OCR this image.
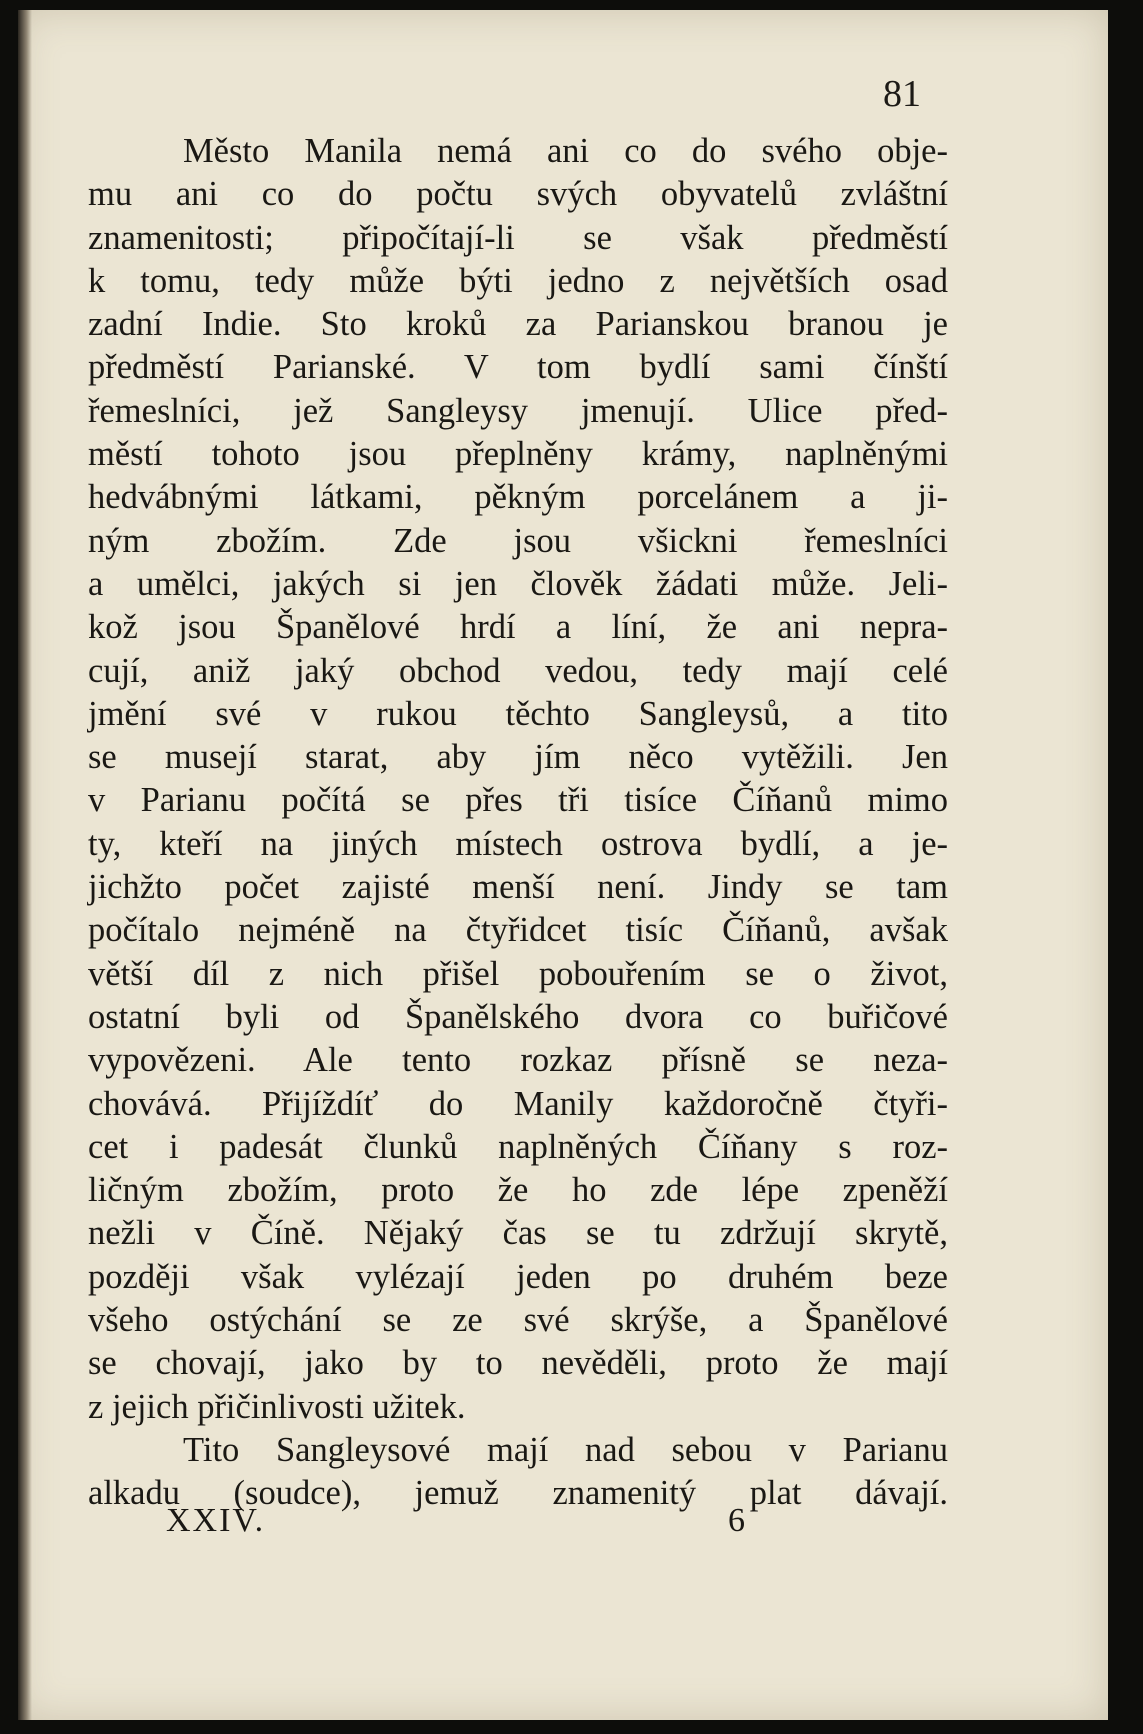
81
Město Manila nemá ani co do svého obje-
mu ani co do počtu svých obyvatelů zvláštní
znamenitosti; připočítají-li se však předměstí
k tomu, tedy může býti jedno z největších osad
zadní Indie. Sto kroků za Parianskou branou je
předměstí Parianské. V tom bydlí sami čínští
řemeslníci, jež Sangleysy jmenují. Ulice před-
městí tohoto jsou přeplněny krámy, naplněnými
hedvábnými látkami, pěkným porcelánem a ji-
ným zbožím. Zde jsou všickni řemeslníci
a umělci, jakých si jen člověk žádati může. Jeli-
kož jsou Španělové hrdí a líní, že ani nepra-
cují, aniž jaký obchod vedou, tedy mají celé
jmění své v rukou těchto Sangleysů, a tito
se musejí starat, aby jím něco vytěžili. Jen
v Parianu počítá se přes tři tisíce Číňanů mimo
ty, kteří na jiných místech ostrova bydlí, a je-
jichžto počet zajisté menší není. Jindy se tam
počítalo nejméně na čtyřidcet tisíc Číňanů, avšak
větší díl z nich přišel pobouřením se o život,
ostatní byli od Španělského dvora co buřičové
vypovězeni. Ale tento rozkaz přísně se neza-
chovává. Přijíždíť do Manily každoročně čtyři-
cet i padesát člunků naplněných Číňany s roz-
ličným zbožím, proto že ho zde lépe zpeněží
nežli v Číně. Nějaký čas se tu zdržují skrytě,
později však vylézají jeden po druhém beze
všeho ostýchání se ze své skrýše, a Španělové
se chovají, jako by to nevěděli, proto že mají
z jejich přičinlivosti užitek.
Tito Sangleysové mají nad sebou v Parianu
alkadu (soudce), jemuž znamenitý plat dávají.
XXIV.	6
